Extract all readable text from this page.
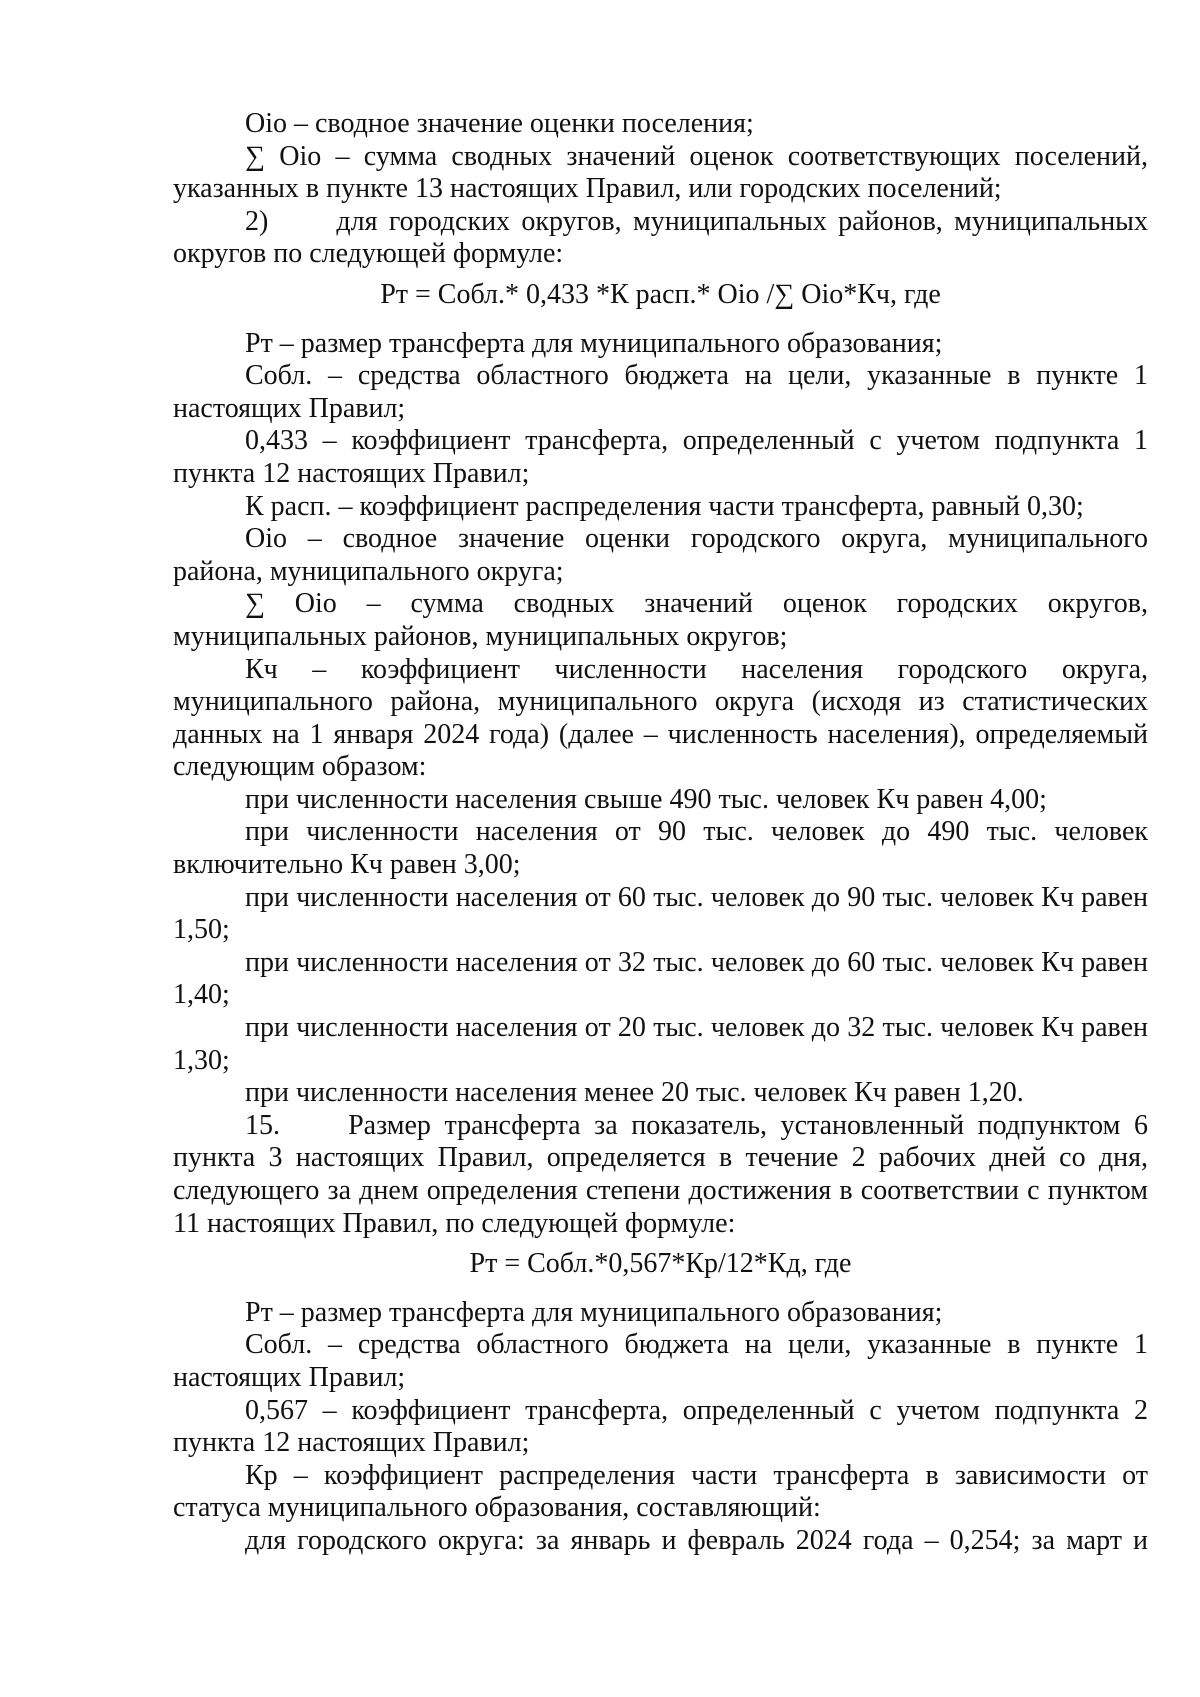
Оio – сводное значение оценки поселения;

∑ Оio – сумма сводных значений оценок соответствующих поселений, указанных в пункте 13 настоящих Правил, или городских поселений;

2)      для городских округов, муниципальных районов, муниципальных округов по следующей формуле:

Рт = Собл.* 0,433 *К расп.* Оio /∑ Оio*Кч, где

Рт – размер трансферта для муниципального образования;

Собл. – средства областного бюджета на цели, указанные в пункте 1 настоящих Правил;

0,433 – коэффициент трансферта, определенный с учетом подпункта 1 пункта 12 настоящих Правил;

К расп. – коэффициент распределения части трансферта, равный 0,30;

Оio – сводное значение оценки городского округа, муниципального района, муниципального округа;

∑ Оio – сумма сводных значений оценок городских округов, муниципальных районов, муниципальных округов;

Кч – коэффициент численности населения городского округа, муниципального района, муниципального округа (исходя из статистических данных на 1 января 2024 года) (далее – численность населения), определяемый следующим образом:

при численности населения свыше 490 тыс. человек Кч равен 4,00;

при численности населения от 90 тыс. человек до 490 тыс. человек включительно Кч равен 3,00;

при численности населения от 60 тыс. человек до 90 тыс. человек Кч равен 1,50;

при численности населения от 32 тыс. человек до 60 тыс. человек Кч равен 1,40;

при численности населения от 20 тыс. человек до 32 тыс. человек Кч равен 1,30;

при численности населения менее 20 тыс. человек Кч равен 1,20.

15.     Размер трансферта за показатель, установленный подпунктом 6 пункта 3 настоящих Правил, определяется в течение 2 рабочих дней со дня, следующего за днем определения степени достижения в соответствии с пунктом 11 настоящих Правил, по следующей формуле:

Рт = Собл.*0,567*Кр/12*Кд, где

Рт – размер трансферта для муниципального образования;

Собл. – средства областного бюджета на цели, указанные в пункте 1 настоящих Правил;

0,567 – коэффициент трансферта, определенный с учетом подпункта 2 пункта 12 настоящих Правил;

Кр – коэффициент распределения части трансферта в зависимости от статуса муниципального образования, составляющий:

для городского округа: за январь и февраль 2024 года – 0,254; за март и
